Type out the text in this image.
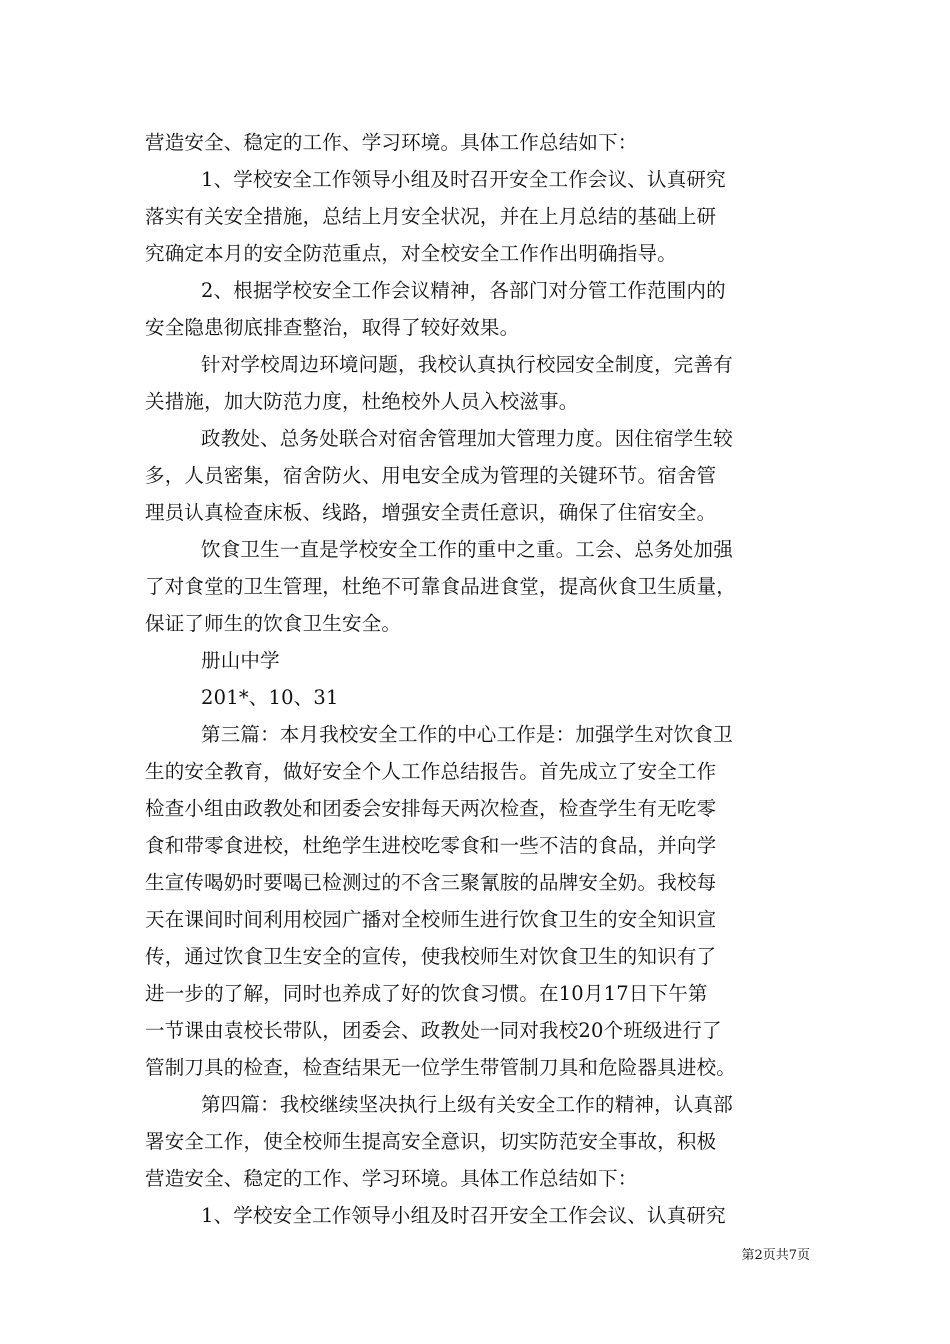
营造安全、稳定的工作、学习环境。具体工作总结如下：
1、学校安全工作领导小组及时召开安全工作会议、认真研究
落实有关安全措施，总结上月安全状况，并在上月总结的基础上研
究确定本月的安全防范重点，对全校安全工作作出明确指导。
2、根据学校安全工作会议精神，各部门对分管工作范围内的
安全隐患彻底排查整治，取得了较好效果。
针对学校周边环境问题，我校认真执行校园安全制度，完善有
关措施，加大防范力度，杜绝校外人员入校滋事。
政教处、总务处联合对宿舍管理加大管理力度。因住宿学生较
多，人员密集，宿舍防火、用电安全成为管理的关键环节。宿舍管
理员认真检查床板、线路，增强安全责任意识，确保了住宿安全。
饮食卫生一直是学校安全工作的重中之重。工会、总务处加强
了对食堂的卫生管理，杜绝不可靠食品进食堂，提高伙食卫生质量，
保证了师生的饮食卫生安全。
册山中学
201*、10、31
第三篇：本月我校安全工作的中心工作是：加强学生对饮食卫
生的安全教育，做好安全个人工作总结报告。首先成立了安全工作
检查小组由政教处和团委会安排每天两次检查，检查学生有无吃零
食和带零食进校，杜绝学生进校吃零食和一些不洁的食品，并向学
生宣传喝奶时要喝已检测过的不含三聚氰胺的品牌安全奶。我校每
天在课间时间利用校园广播对全校师生进行饮食卫生的安全知识宣
传，通过饮食卫生安全的宣传，使我校师生对饮食卫生的知识有了
进一步的了解，同时也养成了好的饮食习惯。在10月17日下午第
一节课由袁校长带队，团委会、政教处一同对我校20个班级进行了
管制刀具的检查，检查结果无一位学生带管制刀具和危险器具进校。
第四篇：我校继续坚决执行上级有关安全工作的精神，认真部
署安全工作，使全校师生提高安全意识，切实防范安全事故，积极
营造安全、稳定的工作、学习环境。具体工作总结如下：
1、学校安全工作领导小组及时召开安全工作会议、认真研究
第2页共7页
